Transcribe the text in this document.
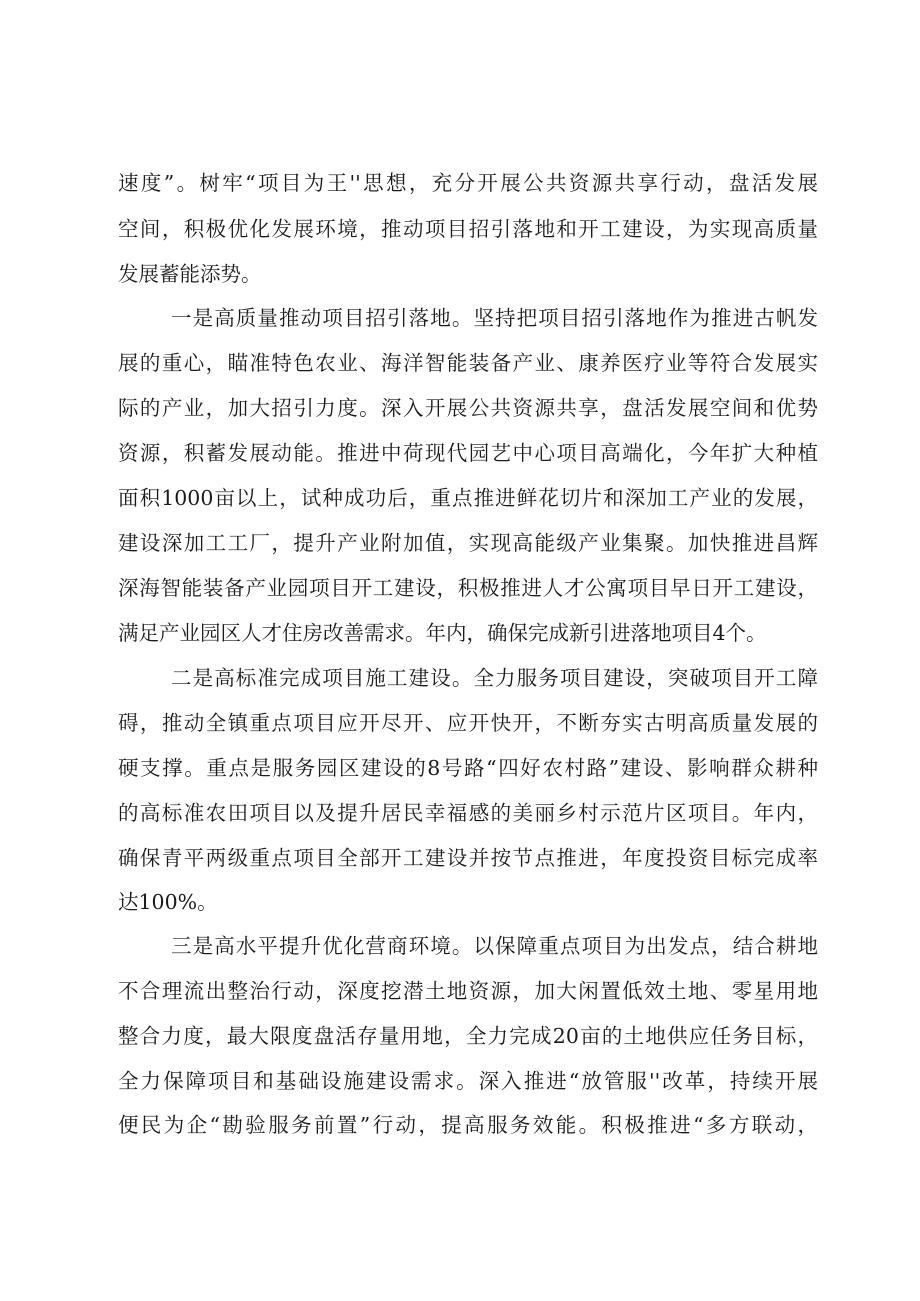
速度”。树牢“项目为王''思想，充分开展公共资源共享行动，盘活发展
空间，积极优化发展环境，推动项目招引落地和开工建设，为实现高质量
发展蓄能添势。
一是高质量推动项目招引落地。坚持把项目招引落地作为推进古帆发
展的重心，瞄准特色农业、海洋智能装备产业、康养医疗业等符合发展实
际的产业，加大招引力度。深入开展公共资源共享，盘活发展空间和优势
资源，积蓄发展动能。推进中荷现代园艺中心项目高端化，今年扩大种植
面积1000亩以上，试种成功后，重点推进鲜花切片和深加工产业的发展，
建设深加工工厂，提升产业附加值，实现高能级产业集聚。加快推进昌辉
深海智能装备产业园项目开工建设，积极推进人才公寓项目早日开工建设，
满足产业园区人才住房改善需求。年内，确保完成新引进落地项目4个。
二是高标准完成项目施工建设。全力服务项目建设，突破项目开工障
碍，推动全镇重点项目应开尽开、应开快开，不断夯实古明高质量发展的
硬支撑。重点是服务园区建设的8号路“四好农村路”建设、影响群众耕种
的高标准农田项目以及提升居民幸福感的美丽乡村示范片区项目。年内，
确保青平两级重点项目全部开工建设并按节点推进，年度投资目标完成率
达100%。
三是高水平提升优化营商环境。以保障重点项目为出发点，结合耕地
不合理流出整治行动，深度挖潜土地资源，加大闲置低效土地、零星用地
整合力度，最大限度盘活存量用地，全力完成20亩的土地供应任务目标，
全力保障项目和基础设施建设需求。深入推进“放管服''改革，持续开展
便民为企“勘验服务前置”行动，提高服务效能。积极推进“多方联动，
